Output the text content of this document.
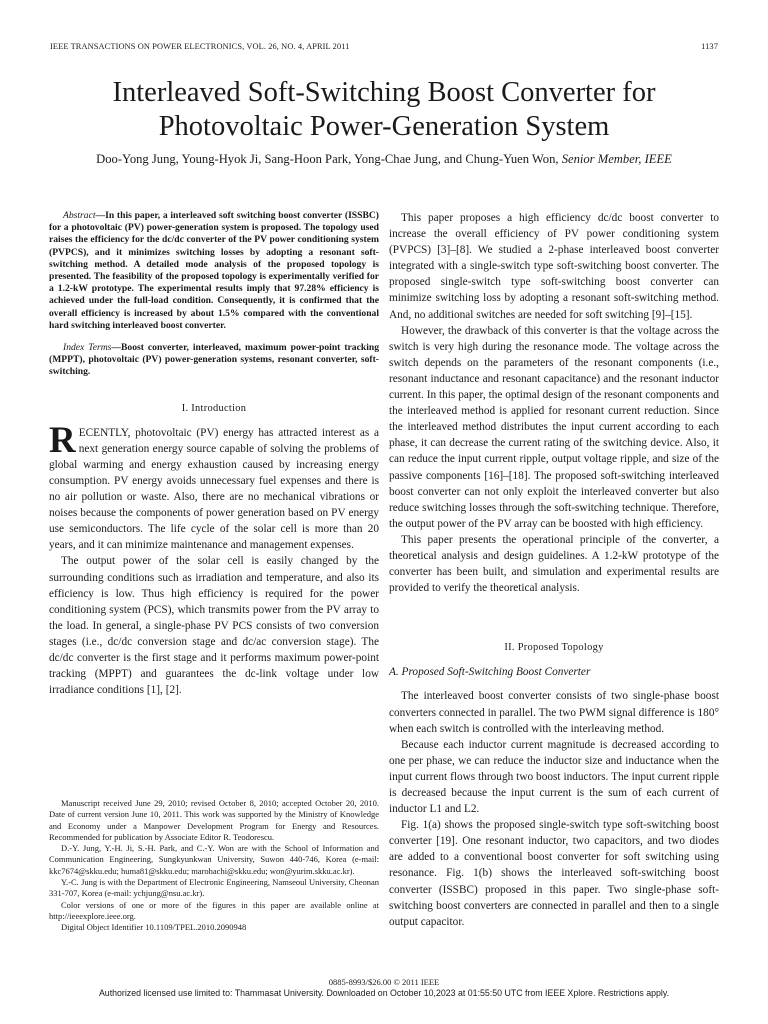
IEEE TRANSACTIONS ON POWER ELECTRONICS, VOL. 26, NO. 4, APRIL 2011	1137
Interleaved Soft-Switching Boost Converter for
Photovoltaic Power-Generation System
Doo-Yong Jung, Young-Hyok Ji, Sang-Hoon Park, Yong-Chae Jung, and Chung-Yuen Won, Senior Member, IEEE

Abstract—In this paper, a interleaved soft switching boost converter (ISSBC) for a photovoltaic (PV) power-generation system is proposed. The topology used raises the efficiency for the dc/dc converter of the PV power conditioning system (PVPCS), and it minimizes switching losses by adopting a resonant soft-switching method. A detailed mode analysis of the proposed topology is presented. The feasibility of the proposed topology is experimentally verified for a 1.2-kW prototype. The experimental results imply that 97.28% efficiency is achieved under the full-load condition. Consequently, it is confirmed that the overall efficiency is increased by about 1.5% compared with the conventional hard switching interleaved boost converter.

Index Terms—Boost converter, interleaved, maximum power-point tracking (MPPT), photovoltaic (PV) power-generation systems, resonant converter, soft-switching.

I. Introduction

RECENTLY, photovoltaic (PV) energy has attracted interest as a next generation energy source capable of solving the problems of global warming and energy exhaustion caused by increasing energy consumption. PV energy avoids unnecessary fuel expenses and there is no air pollution or waste. Also, there are no mechanical vibrations or noises because the components of power generation based on PV energy use semiconductors. The life cycle of the solar cell is more than 20 years, and it can minimize maintenance and management expenses.

The output power of the solar cell is easily changed by the surrounding conditions such as irradiation and temperature, and also its efficiency is low. Thus high efficiency is required for the power conditioning system (PCS), which transmits power from the PV array to the load. In general, a single-phase PV PCS consists of two conversion stages (i.e., dc/dc conversion stage and dc/ac conversion stage). The dc/dc converter is the first stage and it performs maximum power-point tracking (MPPT) and guarantees the dc-link voltage under low irradiance conditions [1], [2].

Manuscript received June 29, 2010; revised October 8, 2010; accepted October 20, 2010. Date of current version June 10, 2011. This work was supported by the Ministry of Knowledge and Economy under a Manpower Development Program for Energy and Resources. Recommended for publication by Associate Editor R. Teodorescu.

D.-Y. Jung, Y.-H. Ji, S.-H. Park, and C.-Y. Won are with the School of Information and Communication Engineering, Sungkyunkwan University, Suwon 440-746, Korea (e-mail: kkc7674@skku.edu; huma81@skku.edu; marohachi@skku.edu; won@yurim.skku.ac.kr).

Y.-C. Jung is with the Department of Electronic Engineering, Namseoul University, Cheonan 331-707, Korea (e-mail: ychjung@nsu.ac.kr).

Color versions of one or more of the figures in this paper are available online at http://ieeexplore.ieee.org.

Digital Object Identifier 10.1109/TPEL.2010.2090948

This paper proposes a high efficiency dc/dc boost converter to increase the overall efficiency of PV power conditioning system (PVPCS) [3]–[8]. We studied a 2-phase interleaved boost converter integrated with a single-switch type soft-switching boost converter. The proposed single-switch type soft-switching boost converter can minimize switching loss by adopting a resonant soft-switching method. And, no additional switches are needed for soft switching [9]–[15].

However, the drawback of this converter is that the voltage across the switch is very high during the resonance mode. The voltage across the switch depends on the parameters of the resonant components (i.e., resonant inductance and resonant capacitance) and the resonant inductor current. In this paper, the optimal design of the resonant components and the interleaved method is applied for resonant current reduction. Since the interleaved method distributes the input current according to each phase, it can decrease the current rating of the switching device. Also, it can reduce the input current ripple, output voltage ripple, and size of the passive components [16]–[18]. The proposed soft-switching interleaved boost converter can not only exploit the interleaved converter but also reduce switching losses through the soft-switching technique. Therefore, the output power of the PV array can be boosted with high efficiency.

This paper presents the operational principle of the converter, a theoretical analysis and design guidelines. A 1.2-kW prototype of the converter has been built, and simulation and experimental results are provided to verify the theoretical analysis.

II. Proposed Topology

A. Proposed Soft-Switching Boost Converter

The interleaved boost converter consists of two single-phase boost converters connected in parallel. The two PWM signal difference is 180° when each switch is controlled with the interleaving method.

Because each inductor current magnitude is decreased according to one per phase, we can reduce the inductor size and inductance when the input current flows through two boost inductors. The input current ripple is decreased because the input current is the sum of each current of inductor L1 and L2.

Fig. 1(a) shows the proposed single-switch type soft-switching boost converter [19]. One resonant inductor, two capacitors, and two diodes are added to a conventional boost converter for soft switching using resonance. Fig. 1(b) shows the interleaved soft-switching boost converter (ISSBC) proposed in this paper. Two single-phase soft-switching boost converters are connected in parallel and then to a single output capacitor.

0885-8993/$26.00 © 2011 IEEE
Authorized licensed use limited to: Thammasat University. Downloaded on October 10,2023 at 01:55:50 UTC from IEEE Xplore. Restrictions apply.
